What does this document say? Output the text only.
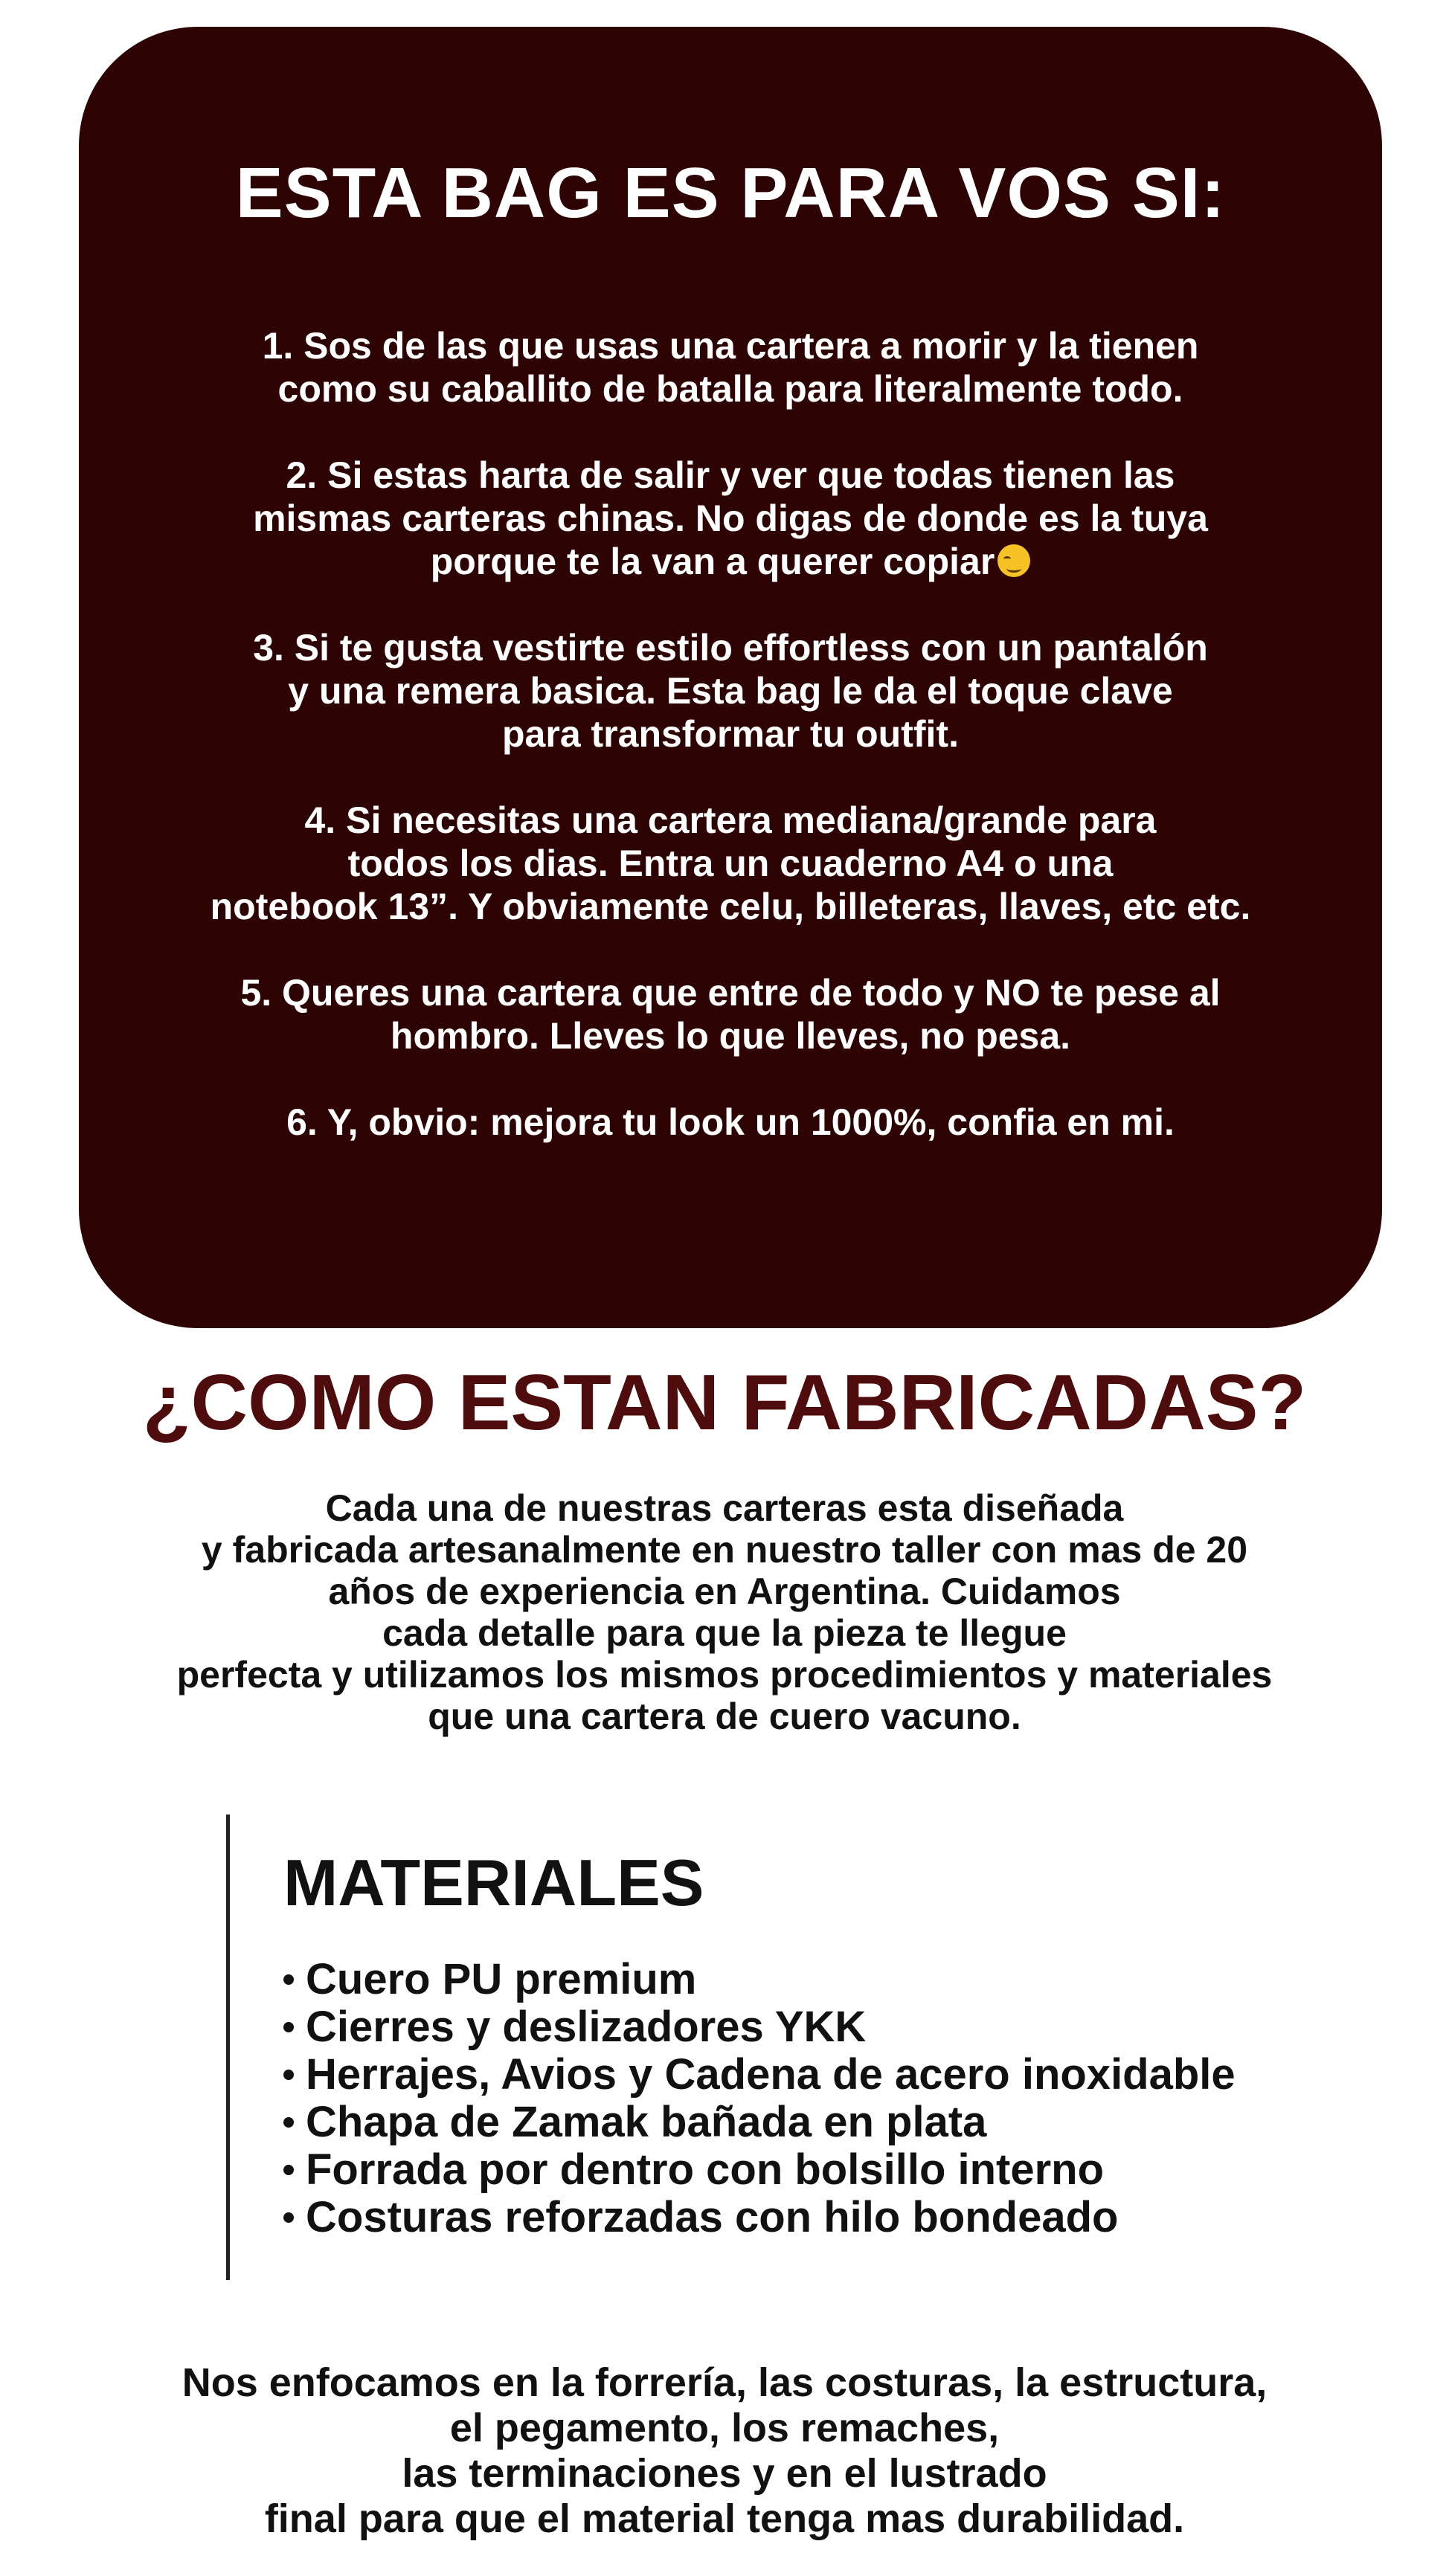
ESTA BAG ES PARA VOS SI:
1. Sos de las que usas una cartera a morir y la tienen
como su caballito de batalla para literalmente todo.
2. Si estas harta de salir y ver que todas tienen las
mismas carteras chinas. No digas de donde es la tuya
porque te la van a querer copiar
3. Si te gusta vestirte estilo effortless con un pantalón
y una remera basica. Esta bag le da el toque clave
para transformar tu outfit.
4. Si necesitas una cartera mediana/grande para
todos los dias. Entra un cuaderno A4 o una
notebook 13”. Y obviamente celu, billeteras, llaves, etc etc.
5. Queres una cartera que entre de todo y NO te pese al
hombro. Lleves lo que lleves, no pesa.
6. Y, obvio: mejora tu look un 1000%, confia en mi.
¿COMO ESTAN FABRICADAS?

Cada una de nuestras carteras esta diseñada
y fabricada artesanalmente en nuestro taller con mas de 20
años de experiencia en Argentina. Cuidamos
cada detalle para que la pieza te llegue
perfecta y utilizamos los mismos procedimientos y materiales
que una cartera de cuero vacuno.

MATERIALES
Cuero PU premium
Cierres y deslizadores YKK
Herrajes, Avios y Cadena de acero inoxidable
Chapa de Zamak bañada en plata
Forrada por dentro con bolsillo interno
Costuras reforzadas con hilo bondeado

Nos enfocamos en la forrería, las costuras, la estructura,
el pegamento, los remaches,
las terminaciones y en el lustrado
final para que el material tenga mas durabilidad.
